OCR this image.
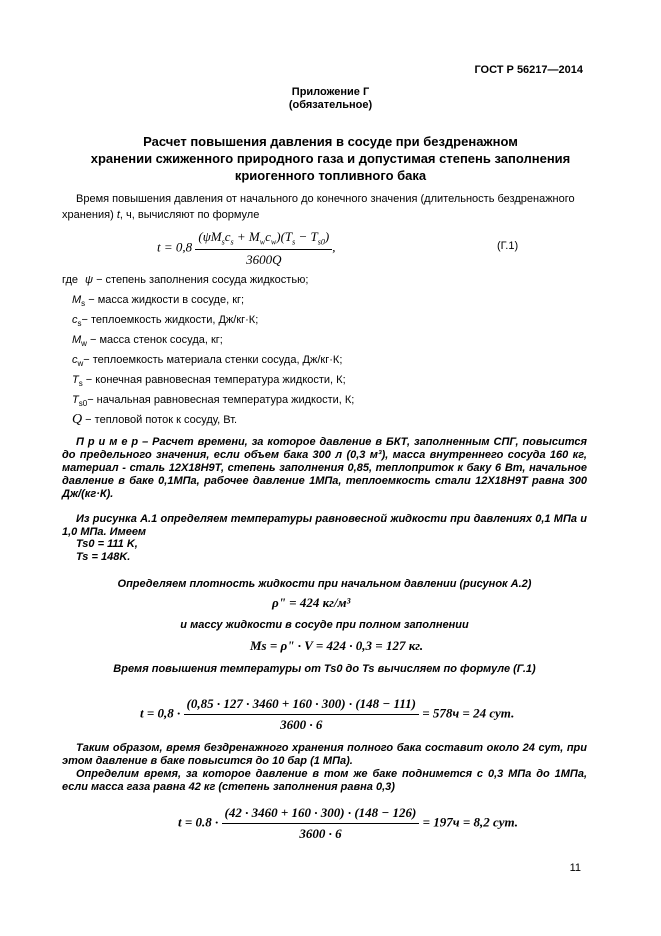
ГОСТ Р 56217—2014
Приложение Г
(обязательное)
Расчет повышения давления в сосуде при бездренажном
хранении сжиженного природного газа и допустимая степень заполнения
криогенного топливного бака
Время повышения давления от начального до конечного значения (длительность бездренажного
хранения) t, ч, вычисляют по формуле
$t = 0,8 \frac{(\psi M_sc_s + M_wc_w)(T_s - T_{s0})}{3600Q}$ ,	(Г.1)
где ψ − степень заполнения сосуда жидкостью;
$M_s$ − масса жидкости в сосуде, кг;
$c_s-$ теплоемкость жидкости, Дж/кг·К;
$M_w$ − масса стенок сосуда, кг;
$c_w-$ теплоемкость материала стенки сосуда, Дж/кг·К;
$T_s$ − конечная равновесная температура жидкости, К;
$T_{s0}-$ начальная равновесная температура жидкости, К;
Q − тепловой поток к сосуду, Вт.
П р и м е р – Расчет времени, за которое давление в БКТ, заполненным СПГ, повысится до предельного значения, если объем бака 300 л (0,3 м³), масса внутреннего сосуда 160 кг, материал - сталь 12Х18Н9Т, степень заполнения 0,85, теплоприток к баку 6 Вт, начальное давление в баке 0,1МПа, рабочее давление 1МПа, теплоемкость стали 12Х18Н9Т равна 300 Дж/(кг·К).
Из рисунка А.1 определяем температуры равновесной жидкости при давлениях 0,1 МПа и 1,0 МПа. Имеем
Ts0 = 111 K,
Ts = 148K.
Определяем плотность жидкости при начальном давлении (рисунок А.2)
ρ" = 424 кг/м³
и массу жидкости в сосуде при полном заполнении
Ms = ρ" · V = 424 · 0,3 = 127 кг.
Время повышения температуры от Ts0 до Ts вычисляем по формуле (Г.1)
$t = 0,8 \cdot \frac{(0,85 \cdot 127 \cdot 3460 + 160 \cdot 300) \cdot (148 - 111)}{3600 \cdot 6} = 578ч = 24$ сут.
Таким образом, время бездренажного хранения полного бака составит около 24 сут, при этом давление в баке повысится до 10 бар (1 МПа).
Определим время, за которое давление в том же баке поднимется с 0,3 МПа до 1МПа, если масса газа равна 42 кг (степень заполнения равна 0,3)
$t = 0.8 \cdot \frac{(42 \cdot 3460 + 160 \cdot 300) \cdot (148 - 126)}{3600 \cdot 6} = 197ч = 8,2$ сут.
11
